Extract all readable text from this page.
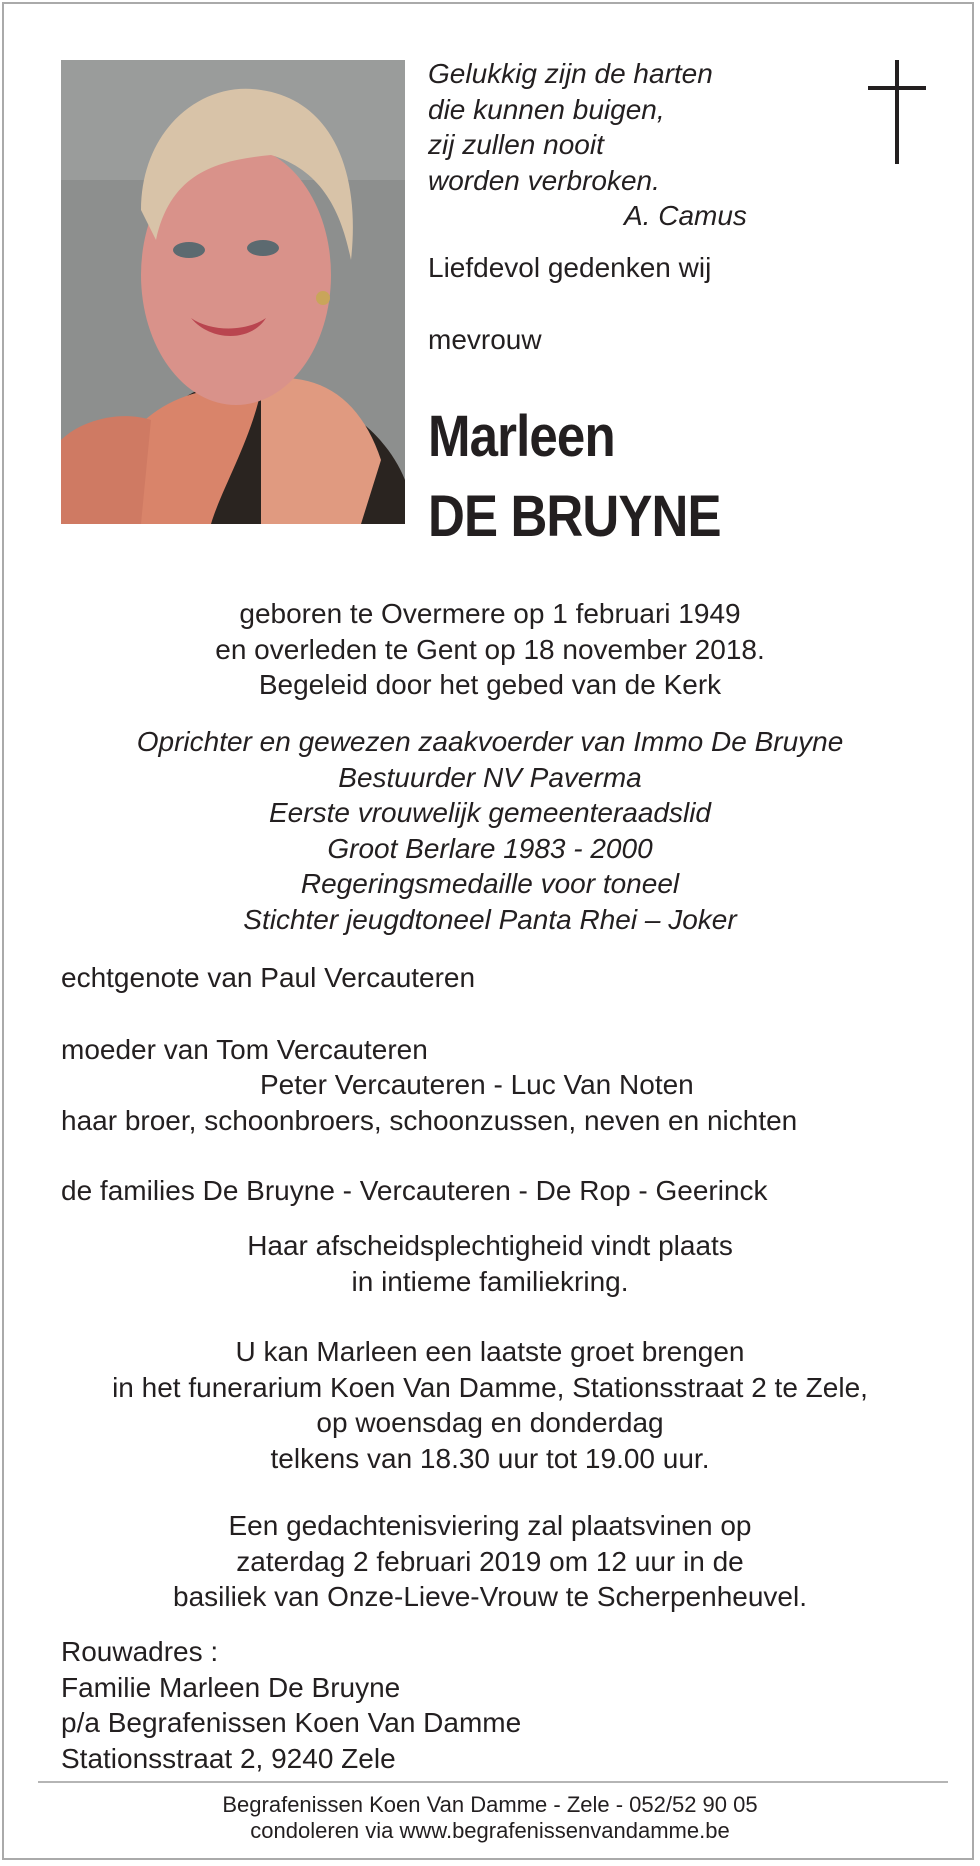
Gelukkig zijn de harten
die kunnen buigen,
zij zullen nooit
worden verbroken.
A. Camus
Liefdevol gedenken wij
mevrouw
Marleen
DE BRUYNE
geboren te Overmere op 1 februari 1949
en overleden te Gent op 18 november 2018.
Begeleid door het gebed van de Kerk
Oprichter en gewezen zaakvoerder van Immo De Bruyne
Bestuurder NV Paverma
Eerste vrouwelijk gemeenteraadslid
Groot Berlare 1983 - 2000
Regeringsmedaille voor toneel
Stichter jeugdtoneel Panta Rhei – Joker
echtgenote van Paul Vercauteren
moeder van Tom Vercauteren
Peter Vercauteren - Luc Van Noten
haar broer, schoonbroers, schoonzussen, neven en nichten
de families De Bruyne - Vercauteren - De Rop - Geerinck
Haar afscheidsplechtigheid vindt plaats
in intieme familiekring.
U kan Marleen een laatste groet brengen
in het funerarium Koen Van Damme, Stationsstraat 2 te Zele,
op woensdag en donderdag
telkens van 18.30 uur tot 19.00 uur.
Een gedachtenisviering zal plaatsvinen op
zaterdag 2 februari 2019 om 12 uur in de
basiliek van Onze-Lieve-Vrouw te Scherpenheuvel.
Rouwadres :
Familie Marleen De Bruyne
p/a Begrafenissen Koen Van Damme
Stationsstraat 2, 9240 Zele
Begrafenissen Koen Van Damme - Zele - 052/52 90 05
condoleren via www.begrafenissenvandamme.be
